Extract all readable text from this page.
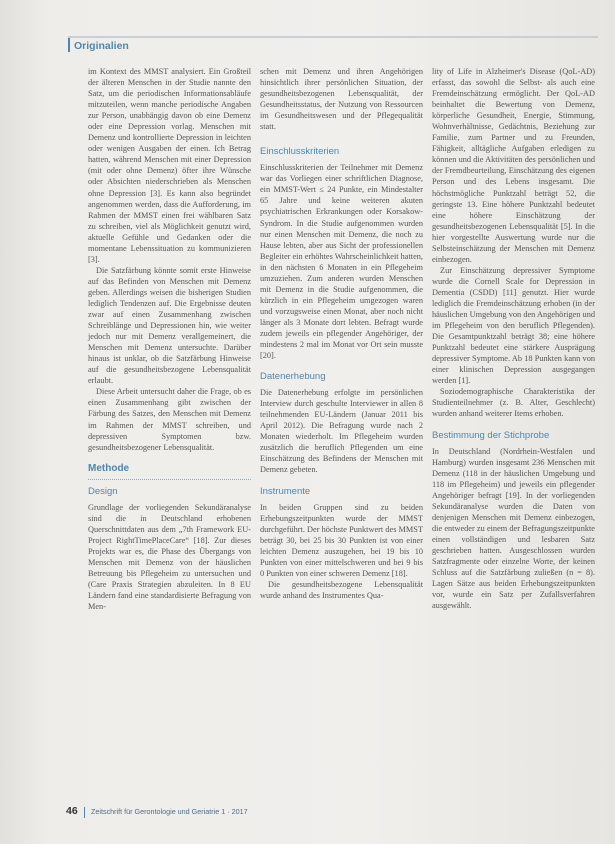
Originalien

im Kontext des MMST analysiert. Ein Großteil der älteren Menschen in der Studie nannte den Satz, um die periodischen Informationsabläufe mitzuteilen, wenn manche periodische Angaben zur Person, unabhängig davon ob eine Demenz oder eine Depression vorlag. Menschen mit Demenz und kontrollierte Depression in leichten oder wenigen Ausgaben der einen. Ich Betrag hatten, während Menschen mit einer Depression (mit oder ohne Demenz) öfter ihre Wünsche oder Absichten niederschrieben als Menschen ohne Depression [3]. Es kann also begründet angenommen werden, dass die Aufforderung, im Rahmen der MMST einen frei wählbaren Satz zu schreiben, viel als Möglichkeit genutzt wird, aktuelle Gefühle und Gedanken oder die momentane Lebenssituation zu kommunizieren [3].

Die Satzfärbung könnte somit erste Hinweise auf das Befinden von Menschen mit Demenz geben. Allerdings weisen die bisherigen Studien lediglich Tendenzen auf. Die Ergebnisse deuten zwar auf einen Zusammenhang zwischen Schreiblänge und Depressionen hin, wie weiter jedoch nur mit Demenz verallgemeinert, die Menschen mit Demenz untersuchte. Darüber hinaus ist unklar, ob die Satzfärbung Hinweise auf die gesundheitsbezogene Lebensqualität erlaubt.

Diese Arbeit untersucht daher die Frage, ob es einen Zusammenhang gibt zwischen der Färbung des Satzes, den Menschen mit Demenz im Rahmen der MMST schreiben, und depressiven Symptomen bzw. gesundheitsbezogener Lebensqualität.

Methode
Design

Grundlage der vorliegenden Sekundäranalyse sind die in Deutschland erhobenen Querschnittdaten aus dem „7th Framework EU-Project RightTimePlaceCare“ [18]. Zur dieses Projekts war es, die Phase des Übergangs von Menschen mit Demenz von der häuslichen Betreuung bis Pflegeheim zu untersuchen und (Care Praxis Strategien abzuleiten. In 8 EU Ländern fand eine standardisierte Befragung von Men-

schen mit Demenz und ihren Angehörigen hinsichtlich ihrer persönlichen Situation, der gesundheitsbezogenen Lebensqualität, der Gesundheitsstatus, der Nutzung von Ressourcen im Gesundheitswesen und der Pflegequalität statt.

Einschlusskriterien

Einschlusskriterien der Teilnehmer mit Demenz war das Vorliegen einer schriftlichen Diagnose, ein MMST-Wert ≤ 24 Punkte, ein Mindestalter 65 Jahre und keine weiteren akuten psychiatrischen Erkrankungen oder Korsakow-Syndrom. In die Studie aufgenommen wurden nur einen Menschen mit Demenz, die noch zu Hause lebten, aber aus Sicht der professionellen Begleiter ein erhöhtes Wahrscheinlichkeit hatten, in den nächsten 6 Monaten in ein Pflegeheim umzuziehen. Zum anderen wurden Menschen mit Demenz in die Studie aufgenommen, die kürzlich in ein Pflegeheim umgezogen waren und vorzugsweise einen Monat, aber noch nicht länger als 3 Monate dort lebten. Befragt wurde zudem jeweils ein pflegender Angehöriger, der mindestens 2 mal im Monat vor Ort sein musste [20].

Datenerhebung

Die Datenerhebung erfolgte im persönlichen Interview durch geschulte Interviewer in allen 8 teilnehmenden EU-Ländern (Januar 2011 bis April 2012). Die Befragung wurde nach 2 Monaten wiederholt. Im Pflegeheim wurden zusätzlich die beruflich Pflegenden um eine Einschätzung des Befindens der Menschen mit Demenz gebeten.

Instrumente

In beiden Gruppen sind zu beiden Erhebungszeitpunkten wurde der MMST durchgeführt. Der höchste Punktwert des MMST beträgt 30, bei 25 bis 30 Punkten ist von einer leichten Demenz auszugehen, bei 19 bis 10 Punkten von einer mittelschweren und bei 9 bis 0 Punkten von einer schweren Demenz [18].

Die gesundheitsbezogene Lebensqualität wurde anhand des Instrumentes Qua-

lity of Life in Alzheimer's Disease (QoL-AD) erfasst, das sowohl die Selbst- als auch eine Fremdeinschätzung ermöglicht. Der QoL-AD beinhaltet die Bewertung von Demenz, körperliche Gesundheit, Energie, Stimmung, Wohnverhältnisse, Gedächtnis, Beziehung zur Familie, zum Partner und zu Freunden, Fähigkeit, alltägliche Aufgaben erledigen zu können und die Aktivitäten des persönlichen und der Fremdbeurteilung, Einschätzung des eigenen Person und des Lebens insgesamt. Die höchstmögliche Punktzahl beträgt 52, die geringste 13. Eine höhere Punktzahl bedeutet eine höhere Einschätzung der gesundheitsbezogenen Lebensqualität [5]. In die hier vorgestellte Auswertung wurde nur die Selbsteinschätzung der Menschen mit Demenz einbezogen.

Zur Einschätzung depressiver Symptome wurde die Cornell Scale for Depression in Dementia (CSDD) [11] genutzt. Hier wurde lediglich die Fremdeinschätzung erhoben (in der häuslichen Umgebung von den Angehörigen und im Pflegeheim von den beruflich Pflegenden). Die Gesamtpunktzahl beträgt 38; eine höhere Punktzahl bedeutet eine stärkere Ausprägung depressiver Symptome. Ab 18 Punkten kann von einer klinischen Depression ausgegangen werden [1].

Soziodemographische Charakteristika der Studienteilnehmer (z. B. Alter, Geschlecht) wurden anhand weiterer Items erhoben.

Bestimmung der Stichprobe

In Deutschland (Nordrhein-Westfalen und Hamburg) wurden insgesamt 236 Menschen mit Demenz (118 in der häuslichen Umgebung und 118 im Pflegeheim) und jeweils ein pflegender Angehöriger befragt [19]. In der vorliegenden Sekundäranalyse wurden die Daten von denjenigen Menschen mit Demenz einbezogen, die entweder zu einem der Befragungszeitpunkte einen vollständigen und lesbaren Satz geschrieben hatten. Ausgeschlossen wurden Satzfragmente oder einzelne Worte, der keinen Schluss auf die Satzfärbung zuließen (n = 8). Lagen Sätze aus beiden Erhebungszeitpunkten vor, wurde ein Satz per Zufallsverfahren ausgewählt.

46 Zeitschrift für Gerontologie und Geriatrie 1 · 2017
